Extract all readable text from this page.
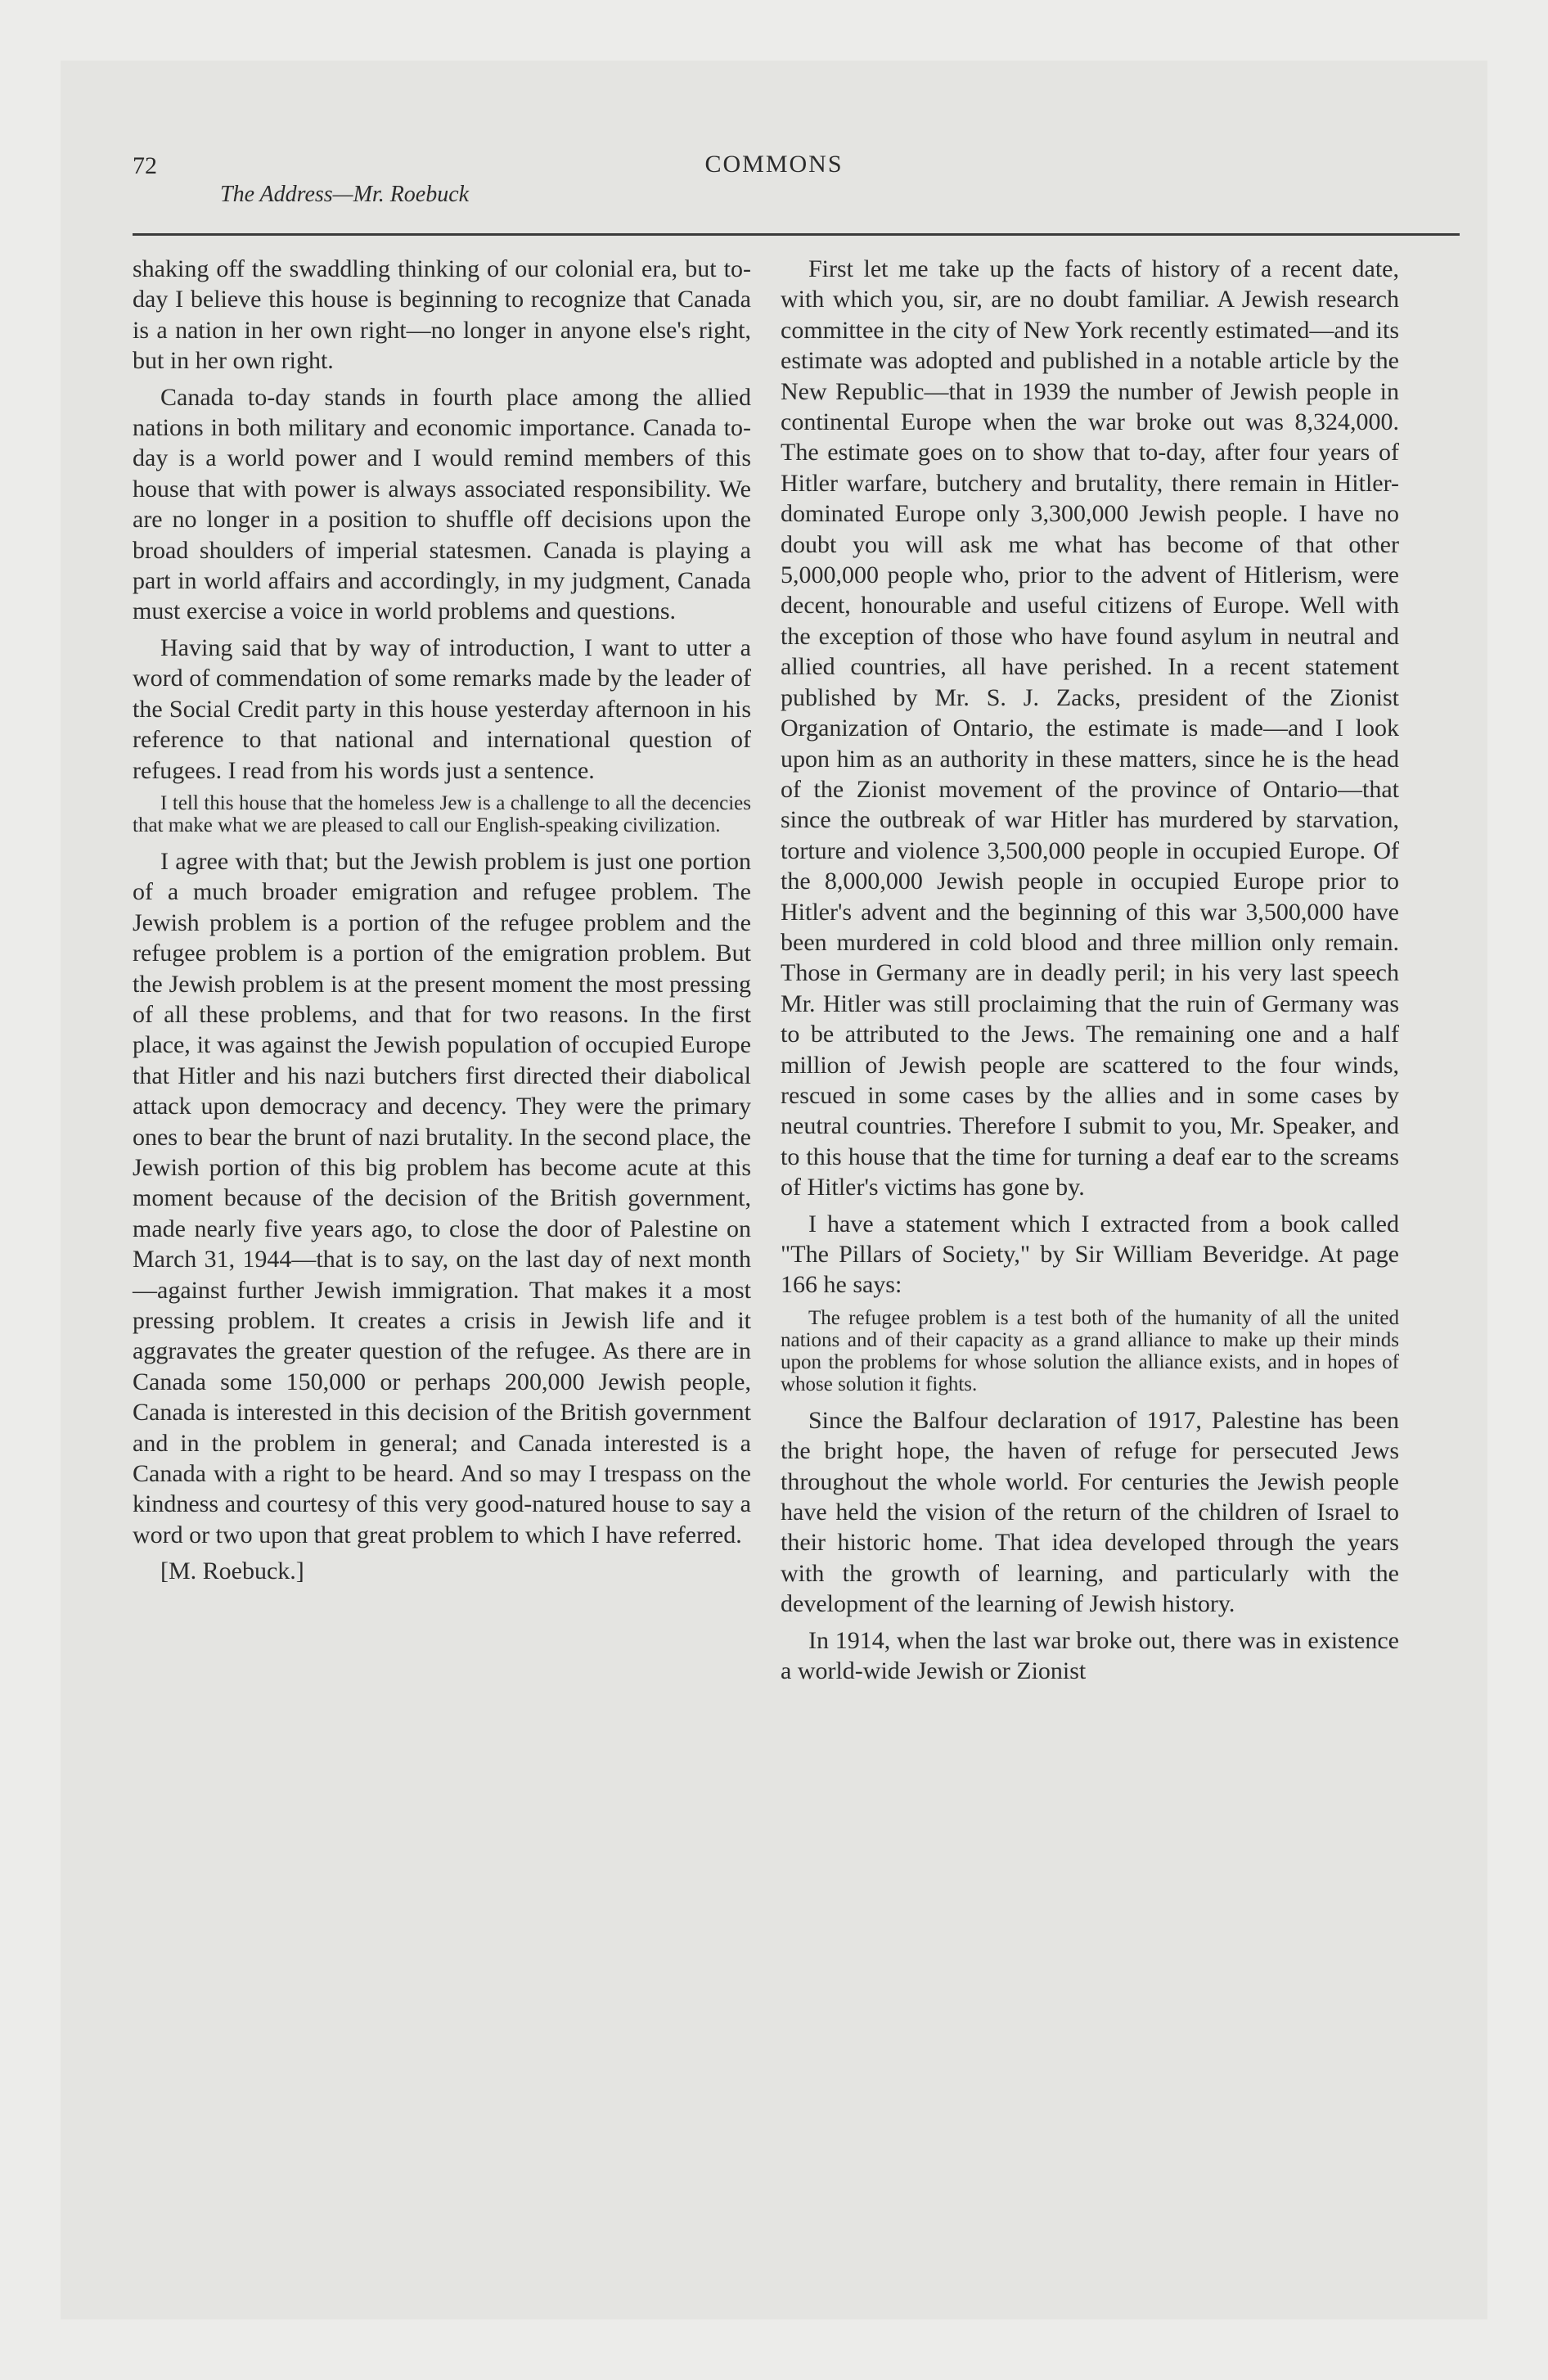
72	COMMONS
The Address—Mr. Roebuck

shaking off the swaddling thinking of our colonial era, but to-day I believe this house is beginning to recognize that Canada is a nation in her own right—no longer in anyone else's right, but in her own right.

Canada to-day stands in fourth place among the allied nations in both military and economic importance. Canada to-day is a world power and I would remind members of this house that with power is always associated responsibility. We are no longer in a position to shuffle off decisions upon the broad shoulders of imperial statesmen. Canada is playing a part in world affairs and accordingly, in my judgment, Canada must exercise a voice in world problems and questions.

Having said that by way of introduction, I want to utter a word of commendation of some remarks made by the leader of the Social Credit party in this house yesterday afternoon in his reference to that national and international question of refugees. I read from his words just a sentence.

I tell this house that the homeless Jew is a challenge to all the decencies that make what we are pleased to call our English-speaking civilization.

I agree with that; but the Jewish problem is just one portion of a much broader emigration and refugee problem. The Jewish problem is a portion of the refugee problem and the refugee problem is a portion of the emigration problem. But the Jewish problem is at the present moment the most pressing of all these problems, and that for two reasons. In the first place, it was against the Jewish population of occupied Europe that Hitler and his nazi butchers first directed their diabolical attack upon democracy and decency. They were the primary ones to bear the brunt of nazi brutality. In the second place, the Jewish portion of this big problem has become acute at this moment because of the decision of the British government, made nearly five years ago, to close the door of Palestine on March 31, 1944—that is to say, on the last day of next month—against further Jewish immigration. That makes it a most pressing problem. It creates a crisis in Jewish life and it aggravates the greater question of the refugee. As there are in Canada some 150,000 or perhaps 200,000 Jewish people, Canada is interested in this decision of the British government and in the problem in general; and Canada interested is a Canada with a right to be heard. And so may I trespass on the kindness and courtesy of this very good-natured house to say a word or two upon that great problem to which I have referred.

[M. Roebuck.]

First let me take up the facts of history of a recent date, with which you, sir, are no doubt familiar. A Jewish research committee in the city of New York recently estimated—and its estimate was adopted and published in a notable article by the New Republic—that in 1939 the number of Jewish people in continental Europe when the war broke out was 8,324,000. The estimate goes on to show that to-day, after four years of Hitler warfare, butchery and brutality, there remain in Hitler-dominated Europe only 3,300,000 Jewish people. I have no doubt you will ask me what has become of that other 5,000,000 people who, prior to the advent of Hitlerism, were decent, honourable and useful citizens of Europe. Well with the exception of those who have found asylum in neutral and allied countries, all have perished. In a recent statement published by Mr. S. J. Zacks, president of the Zionist Organization of Ontario, the estimate is made—and I look upon him as an authority in these matters, since he is the head of the Zionist movement of the province of Ontario—that since the outbreak of war Hitler has murdered by starvation, torture and violence 3,500,000 people in occupied Europe. Of the 8,000,000 Jewish people in occupied Europe prior to Hitler's advent and the beginning of this war 3,500,000 have been murdered in cold blood and three million only remain. Those in Germany are in deadly peril; in his very last speech Mr. Hitler was still proclaiming that the ruin of Germany was to be attributed to the Jews. The remaining one and a half million of Jewish people are scattered to the four winds, rescued in some cases by the allies and in some cases by neutral countries. Therefore I submit to you, Mr. Speaker, and to this house that the time for turning a deaf ear to the screams of Hitler's victims has gone by.

I have a statement which I extracted from a book called "The Pillars of Society," by Sir William Beveridge. At page 166 he says:

The refugee problem is a test both of the humanity of all the united nations and of their capacity as a grand alliance to make up their minds upon the problems for whose solution the alliance exists, and in hopes of whose solution it fights.

Since the Balfour declaration of 1917, Palestine has been the bright hope, the haven of refuge for persecuted Jews throughout the whole world. For centuries the Jewish people have held the vision of the return of the children of Israel to their historic home. That idea developed through the years with the growth of learning, and particularly with the development of the learning of Jewish history.

In 1914, when the last war broke out, there was in existence a world-wide Jewish or Zionist
